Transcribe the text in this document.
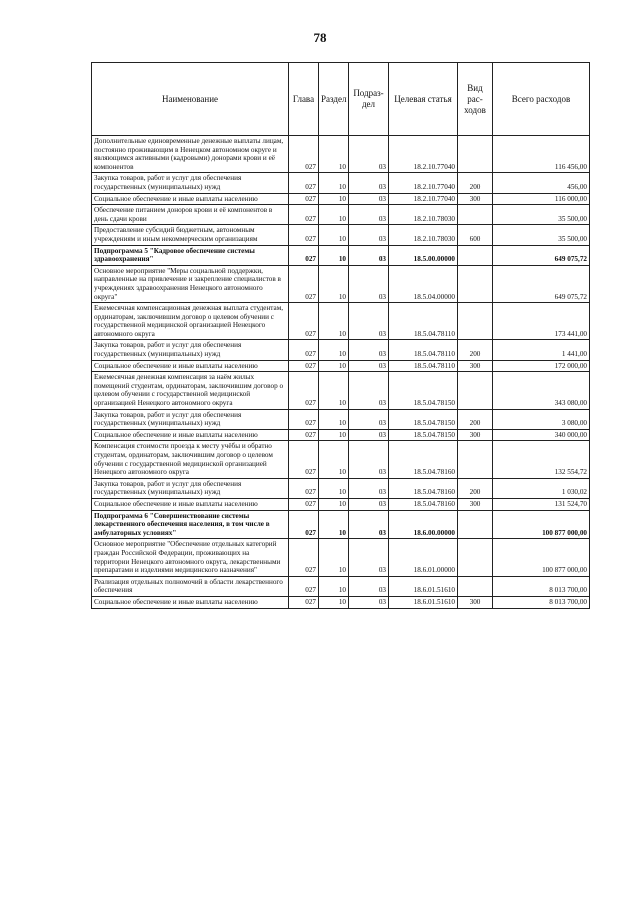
78
Наименование	Глава	Раздел	Подраз-дел	Целевая статья	Вид рас-ходов	Всего расходов
Дополнительные единовременные денежные выплаты лицам, постоянно проживающим в Ненецком автономном округе и являющимся активными (кадровыми) донорами крови и её компонентов	027	10	03	18.2.10.77040		116 456,00
Закупка товаров, работ и услуг для обеспечения государственных (муниципальных) нужд	027	10	03	18.2.10.77040	200	456,00
Социальное обеспечение и иные выплаты населению	027	10	03	18.2.10.77040	300	116 000,00
Обеспечение питанием доноров крови и её компонентов в день сдачи крови	027	10	03	18.2.10.78030		35 500,00
Предоставление субсидий бюджетным, автономным учреждениям и иным некоммерческим организациям	027	10	03	18.2.10.78030	600	35 500,00
Подпрограмма 5 "Кадровое обеспечение системы здравоохранения"	027	10	03	18.5.00.00000		649 075,72
Основное мероприятие "Меры социальной поддержки, направленные на привлечение и закрепление специалистов в учреждениях здравоохранения Ненецкого автономного округа"	027	10	03	18.5.04.00000		649 075,72
Ежемесячная компенсационная денежная выплата студентам, ординаторам, заключившим договор о целевом обучении с государственной медицинской организацией Ненецкого автономного округа	027	10	03	18.5.04.78110		173 441,00
Закупка товаров, работ и услуг для обеспечения государственных (муниципальных) нужд	027	10	03	18.5.04.78110	200	1 441,00
Социальное обеспечение и иные выплаты населению	027	10	03	18.5.04.78110	300	172 000,00
Ежемесячная денежная компенсация за наём жилых помещений студентам, ординаторам, заключившим договор о целевом обучении с государственной медицинской организацией Ненецкого автономного округа	027	10	03	18.5.04.78150		343 080,00
Закупка товаров, работ и услуг для обеспечения государственных (муниципальных) нужд	027	10	03	18.5.04.78150	200	3 080,00
Социальное обеспечение и иные выплаты населению	027	10	03	18.5.04.78150	300	340 000,00
Компенсация стоимости проезда к месту учёбы и обратно студентам, ординаторам, заключившим договор о целевом обучении с государственной медицинской организацией Ненецкого автономного округа	027	10	03	18.5.04.78160		132 554,72
Закупка товаров, работ и услуг для обеспечения государственных (муниципальных) нужд	027	10	03	18.5.04.78160	200	1 030,02
Социальное обеспечение и иные выплаты населению	027	10	03	18.5.04.78160	300	131 524,70
Подпрограмма 6 "Совершенствование системы лекарственного обеспечения населения, в том числе в амбулаторных условиях"	027	10	03	18.6.00.00000		100 877 000,00
Основное мероприятие "Обеспечение отдельных категорий граждан Российской Федерации, проживающих на территории Ненецкого автономного округа, лекарственными препаратами и изделиями медицинского назначения"	027	10	03	18.6.01.00000		100 877 000,00
Реализация отдельных полномочий в области лекарственного обеспечения	027	10	03	18.6.01.51610		8 013 700,00
Социальное обеспечение и иные выплаты населению	027	10	03	18.6.01.51610	300	8 013 700,00
